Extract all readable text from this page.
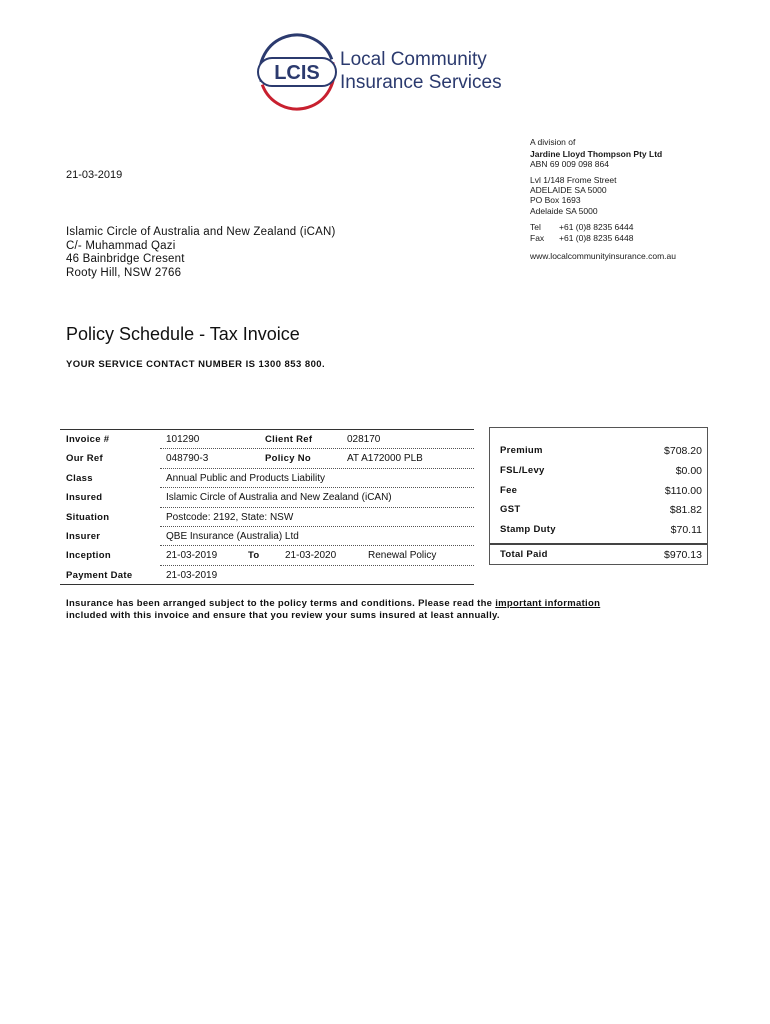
LCIS
Local Community
Insurance Services
A division of
Jardine Lloyd Thompson Pty Ltd
ABN 69 009 098 864
Lvl 1/148 Frome Street
ADELAIDE SA 5000
PO Box 1693
Adelaide SA 5000
Tel +61 (0)8 8235 6444
Fax +61 (0)8 8235 6448
www.localcommunityinsurance.com.au
21-03-2019
Islamic Circle of Australia and New Zealand (iCAN)
C/- Muhammad Qazi
46 Bainbridge Cresent
Rooty Hill, NSW 2766
Policy Schedule - Tax Invoice
YOUR SERVICE CONTACT NUMBER IS 1300 853 800.
Invoice #	101290	Client Ref	028170
Our Ref	048790-3	Policy No	AT A172000 PLB
Class	Annual Public and Products Liability
Insured	Islamic Circle of Australia and New Zealand (iCAN)
Situation	Postcode: 2192, State: NSW
Insurer	QBE Insurance (Australia) Ltd
Inception	21-03-2019	To	21-03-2020	Renewal Policy
Payment Date	21-03-2019
Premium	$708.20
FSL/Levy	$0.00
Fee	$110.00
GST	$81.82
Stamp Duty	$70.11
Total Paid	$970.13
Insurance has been arranged subject to the policy terms and conditions. Please read the important information
included with this invoice and ensure that you review your sums insured at least annually.
